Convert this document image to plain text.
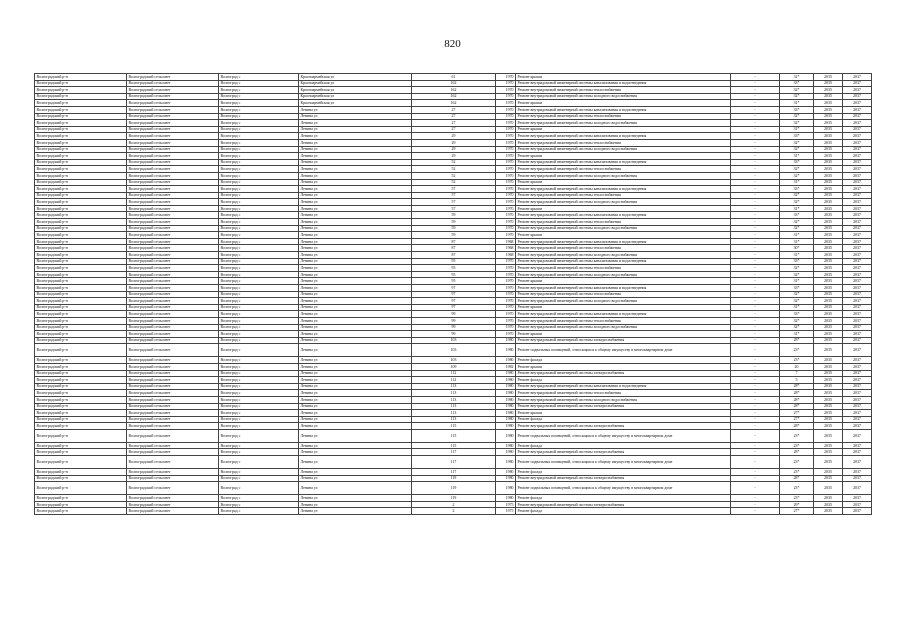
820
Волгоградский р-н	Волгоградский сельсовет	Волгоград с	Красноармейская ул	61	1970	Ремонт крыши	-	31*	2035	2037
Волгоградский р-н	Волгоградский сельсовет	Волгоград с	Красноармейская ул	162	1970	Ремонт внутридомовой инженерной системы канализования и водоотведения	-	33*	2035	2037
Волгоградский р-н	Волгоградский сельсовет	Волгоград с	Красноармейская ул	162	1970	Ремонт внутридомовой инженерной системы теплоснабжения	-	32*	2035	2037
Волгоградский р-н	Волгоградский сельсовет	Волгоград с	Красноармейская ул	162	1970	Ремонт внутридомовой инженерной системы холодного водоснабжения	-	32*	2035	2037
Волгоградский р-н	Волгоградский сельсовет	Волгоград с	Красноармейская ул	162	1970	Ремонт крыши	-	31*	2035	2037
Волгоградский р-н	Волгоградский сельсовет	Волгоград с	Ленина ул	27	1970	Ремонт внутридомовой инженерной системы канализования и водоотведения	-	33*	2035	2037
Волгоградский р-н	Волгоградский сельсовет	Волгоград с	Ленина ул	27	1970	Ремонт внутридомовой инженерной системы теплоснабжения	-	32*	2035	2037
Волгоградский р-н	Волгоградский сельсовет	Волгоград с	Ленина ул	27	1970	Ремонт внутридомовой инженерной системы холодного водоснабжения	-	32*	2035	2037
Волгоградский р-н	Волгоградский сельсовет	Волгоград с	Ленина ул	27	1970	Ремонт крыши	-	31*	2035	2037
Волгоградский р-н	Волгоградский сельсовет	Волгоград с	Ленина ул	29	1970	Ремонт внутридомовой инженерной системы канализования и водоотведения	-	33*	2035	2037
Волгоградский р-н	Волгоградский сельсовет	Волгоград с	Ленина ул	29	1970	Ремонт внутридомовой инженерной системы теплоснабжения	-	32*	2035	2037
Волгоградский р-н	Волгоградский сельсовет	Волгоград с	Ленина ул	29	1970	Ремонт внутридомовой инженерной системы холодного водоснабжения	-	32*	2035	2037
Волгоградский р-н	Волгоградский сельсовет	Волгоград с	Ленина ул	29	1970	Ремонт крыши	-	31*	2035	2037
Волгоградский р-н	Волгоградский сельсовет	Волгоград с	Ленина ул	52	1970	Ремонт внутридомовой инженерной системы канализования и водоотведения	-	33*	2035	2037
Волгоградский р-н	Волгоградский сельсовет	Волгоград с	Ленина ул	52	1970	Ремонт внутридомовой инженерной системы теплоснабжения	-	32*	2035	2037
Волгоградский р-н	Волгоградский сельсовет	Волгоград с	Ленина ул	52	1970	Ремонт внутридомовой инженерной системы холодного водоснабжения	-	32*	2035	2037
Волгоградский р-н	Волгоградский сельсовет	Волгоград с	Ленина ул	52	1970	Ремонт крыши	-	31*	2035	2037
Волгоградский р-н	Волгоградский сельсовет	Волгоград с	Ленина ул	57	1970	Ремонт внутридомовой инженерной системы канализования и водоотведения	-	33*	2035	2037
Волгоградский р-н	Волгоградский сельсовет	Волгоград с	Ленина ул	57	1970	Ремонт внутридомовой инженерной системы теплоснабжения	-	32*	2035	2037
Волгоградский р-н	Волгоградский сельсовет	Волгоград с	Ленина ул	57	1970	Ремонт внутридомовой инженерной системы холодного водоснабжения	-	32*	2035	2037
Волгоградский р-н	Волгоградский сельсовет	Волгоград с	Ленина ул	57	1970	Ремонт крыши	-	31*	2035	2037
Волгоградский р-н	Волгоградский сельсовет	Волгоград с	Ленина ул	59	1970	Ремонт внутридомовой инженерной системы канализования и водоотведения	-	33*	2035	2037
Волгоградский р-н	Волгоградский сельсовет	Волгоград с	Ленина ул	59	1970	Ремонт внутридомовой инженерной системы теплоснабжения	-	32*	2035	2037
Волгоградский р-н	Волгоградский сельсовет	Волгоград с	Ленина ул	59	1970	Ремонт внутридомовой инженерной системы холодного водоснабжения	-	32*	2035	2037
Волгоградский р-н	Волгоградский сельсовет	Волгоград с	Ленина ул	59	1970	Ремонт крыши	-	31*	2035	2037
Волгоградский р-н	Волгоградский сельсовет	Волгоград с	Ленина ул	87	1968	Ремонт внутридомовой инженерной системы канализования и водоотведения	-	31*	2035	2037
Волгоградский р-н	Волгоградский сельсовет	Волгоград с	Ленина ул	87	1968	Ремонт внутридомовой инженерной системы теплоснабжения	-	30*	2035	2037
Волгоградский р-н	Волгоградский сельсовет	Волгоград с	Ленина ул	87	1968	Ремонт внутридомовой инженерной системы холодного водоснабжения	-	31*	2035	2037
Волгоградский р-н	Волгоградский сельсовет	Волгоград с	Ленина ул	95	1970	Ремонт внутридомовой инженерной системы канализования и водоотведения	-	33*	2035	2037
Волгоградский р-н	Волгоградский сельсовет	Волгоград с	Ленина ул	95	1970	Ремонт внутридомовой инженерной системы теплоснабжения	-	32*	2035	2037
Волгоградский р-н	Волгоградский сельсовет	Волгоград с	Ленина ул	95	1970	Ремонт внутридомовой инженерной системы холодного водоснабжения	-	32*	2035	2037
Волгоградский р-н	Волгоградский сельсовет	Волгоград с	Ленина ул	95	1970	Ремонт крыши	-	31*	2035	2037
Волгоградский р-н	Волгоградский сельсовет	Волгоград с	Ленина ул	97	1970	Ремонт внутридомовой инженерной системы канализования и водоотведения	-	33*	2035	2037
Волгоградский р-н	Волгоградский сельсовет	Волгоград с	Ленина ул	97	1970	Ремонт внутридомовой инженерной системы теплоснабжения	-	32*	2035	2037
Волгоградский р-н	Волгоградский сельсовет	Волгоград с	Ленина ул	97	1970	Ремонт внутридомовой инженерной системы холодного водоснабжения	-	32*	2035	2037
Волгоградский р-н	Волгоградский сельсовет	Волгоград с	Ленина ул	97	1970	Ремонт крыши	-	31*	2035	2037
Волгоградский р-н	Волгоградский сельсовет	Волгоград с	Ленина ул	99	1970	Ремонт внутридомовой инженерной системы канализования и водоотведения	-	33*	2035	2037
Волгоградский р-н	Волгоградский сельсовет	Волгоград с	Ленина ул	99	1970	Ремонт внутридомовой инженерной системы теплоснабжения	-	32*	2035	2037
Волгоградский р-н	Волгоградский сельсовет	Волгоград с	Ленина ул	99	1970	Ремонт внутридомовой инженерной системы холодного водоснабжения	-	32*	2035	2037
Волгоградский р-н	Волгоградский сельсовет	Волгоград с	Ленина ул	99	1970	Ремонт крыши	-	31*	2035	2037
Волгоградский р-н	Волгоградский сельсовет	Волгоград с	Ленина ул	103	1980	Ремонт внутридомовой инженерной системы электроснабжения	-	28*	2035	2037
Волгоградский р-н	Волгоградский сельсовет	Волгоград с	Ленина ул	103	1980	Ремонт подвальных помещений, относящихся к общему имуществу в многоквартирном доме	-	23*	2035	2037
Волгоградский р-н	Волгоградский сельсовет	Волгоград с	Ленина ул	103	1980	Ремонт фасада	-	23*	2035	2037
Волгоградский р-н	Волгоградский сельсовет	Волгоград с	Ленина ул	109	1982	Ремонт крыши	-	20	2035	2037
Волгоградский р-н	Волгоградский сельсовет	Волгоград с	Ленина ул	112	1980	Ремонт внутридомовой инженерной системы электроснабжения	-	7	2035	2037
Волгоградский р-н	Волгоградский сельсовет	Волгоград с	Ленина ул	112	1980	Ремонт фасада	-	5	2035	2037
Волгоградский р-н	Волгоградский сельсовет	Волгоград с	Ленина ул	113	1980	Ремонт внутридомовой инженерной системы канализования и водоотведения	-	28*	2035	2037
Волгоградский р-н	Волгоградский сельсовет	Волгоград с	Ленина ул	113	1980	Ремонт внутридомовой инженерной системы теплоснабжения	-	28*	2035	2037
Волгоградский р-н	Волгоградский сельсовет	Волгоград с	Ленина ул	113	1980	Ремонт внутридомовой инженерной системы холодного водоснабжения	-	28*	2035	2037
Волгоградский р-н	Волгоградский сельсовет	Волгоград с	Ленина ул	113	1980	Ремонт внутридомовой инженерной системы электроснабжения	-	28*	2035	2037
Волгоградский р-н	Волгоградский сельсовет	Волгоград с	Ленина ул	113	1980	Ремонт крыши	-	27*	2035	2037
Волгоградский р-н	Волгоградский сельсовет	Волгоград с	Ленина ул	113	1980	Ремонт фасада	-	27*	2035	2037
Волгоградский р-н	Волгоградский сельсовет	Волгоград с	Ленина ул	115	1980	Ремонт внутридомовой инженерной системы электроснабжения	-	28*	2035	2037
Волгоградский р-н	Волгоградский сельсовет	Волгоград с	Ленина ул	115	1980	Ремонт подвальных помещений, относящихся к общему имуществу в многоквартирном доме	-	23*	2035	2037
Волгоградский р-н	Волгоградский сельсовет	Волгоград с	Ленина ул	115	1980	Ремонт фасада	-	23*	2035	2037
Волгоградский р-н	Волгоградский сельсовет	Волгоград с	Ленина ул	117	1980	Ремонт внутридомовой инженерной системы электроснабжения	-	28*	2035	2037
Волгоградский р-н	Волгоградский сельсовет	Волгоград с	Ленина ул	117	1980	Ремонт подвальных помещений, относящихся к общему имуществу в многоквартирном доме	-	23*	2035	2037
Волгоградский р-н	Волгоградский сельсовет	Волгоград с	Ленина ул	117	1980	Ремонт фасада	-	23*	2035	2037
Волгоградский р-н	Волгоградский сельсовет	Волгоград с	Ленина ул	119	1980	Ремонт внутридомовой инженерной системы электроснабжения	-	28*	2035	2037
Волгоградский р-н	Волгоградский сельсовет	Волгоград с	Ленина ул	119	1980	Ремонт подвальных помещений, относящихся к общему имуществу в многоквартирном доме	-	23*	2035	2037
Волгоградский р-н	Волгоградский сельсовет	Волгоград с	Ленина ул	119	1980	Ремонт фасада	-	23*	2035	2037
Волгоградский р-н	Волгоградский сельсовет	Волгоград с	Ленина ул	2	1975	Ремонт внутридомовой инженерной системы электроснабжения	-	29*	2035	2037
Волгоградский р-н	Волгоградский сельсовет	Волгоград с	Ленина ул	2	1975	Ремонт фасада	-	27*	2035	2037
